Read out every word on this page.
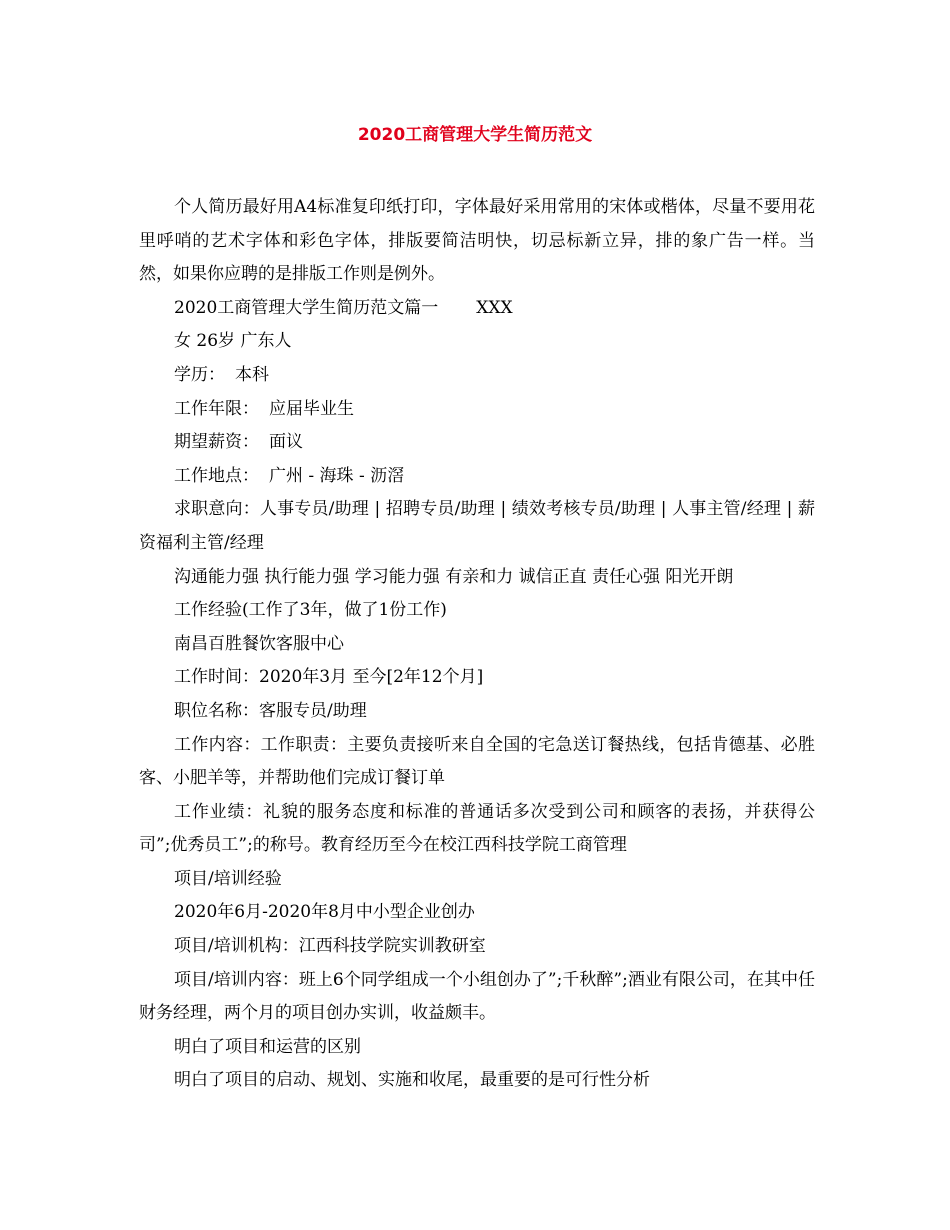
2020工商管理大学生简历范文

个人简历最好用A4标准复印纸打印，字体最好采用常用的宋体或楷体，尽量不要用花里呼哨的艺术字体和彩色字体，排版要简洁明快，切忌标新立异，排的象广告一样。当然，如果你应聘的是排版工作则是例外。

2020工商管理大学生简历范文篇一 XXX

女 26岁 广东人

学历： 本科

工作年限： 应届毕业生

期望薪资： 面议

工作地点： 广州 - 海珠 - 沥滘

求职意向：人事专员/助理 | 招聘专员/助理 | 绩效考核专员/助理 | 人事主管/经理 | 薪资福利主管/经理

沟通能力强 执行能力强 学习能力强 有亲和力 诚信正直 责任心强 阳光开朗

工作经验(工作了3年，做了1份工作)

南昌百胜餐饮客服中心

工作时间：2020年3月 至今[2年12个月]

职位名称：客服专员/助理

工作内容：工作职责：主要负责接听来自全国的宅急送订餐热线，包括肯德基、必胜客、小肥羊等，并帮助他们完成订餐订单

工作业绩：礼貌的服务态度和标准的普通话多次受到公司和顾客的表扬，并获得公司”;优秀员工”;的称号。教育经历至今在校江西科技学院工商管理

项目/培训经验

2020年6月-2020年8月中小型企业创办

项目/培训机构：江西科技学院实训教研室

项目/培训内容：班上6个同学组成一个小组创办了”;千秋醉”;酒业有限公司，在其中任财务经理，两个月的项目创办实训，收益颇丰。

明白了项目和运营的区别

明白了项目的启动、规划、实施和收尾，最重要的是可行性分析
